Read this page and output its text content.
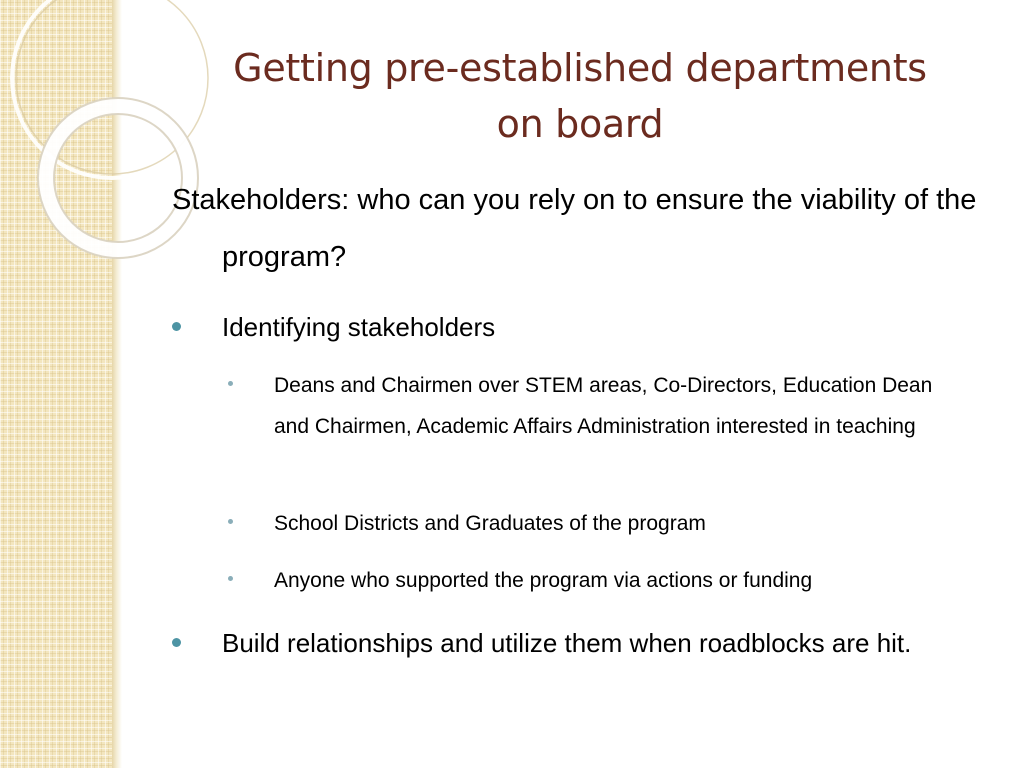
Getting pre-established departments
on board
Stakeholders: who can you rely on to ensure the viability of the program?
Identifying stakeholders
Deans and Chairmen over STEM areas, Co-Directors, Education Dean and Chairmen, Academic Affairs Administration interested in teaching
School Districts and Graduates of the program
Anyone who supported the program via actions or funding
Build relationships and utilize them when roadblocks are hit.
